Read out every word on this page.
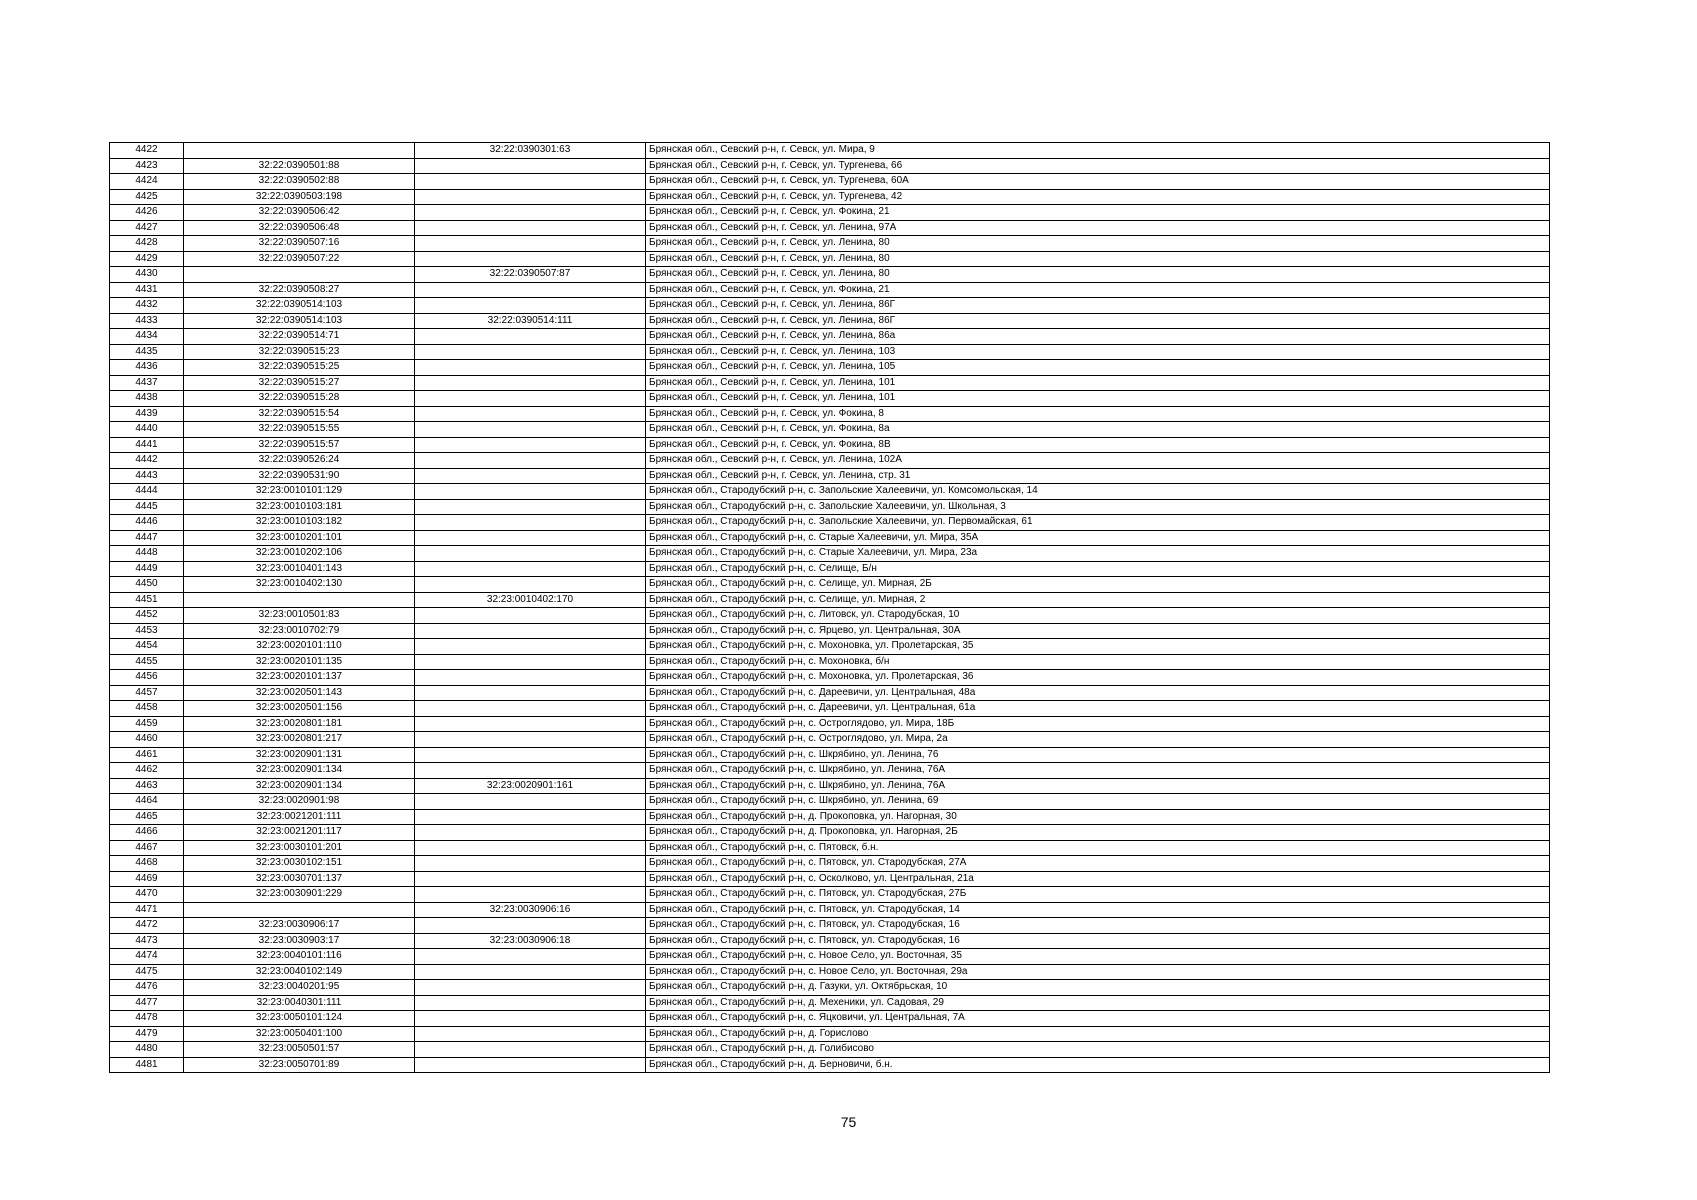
4422		32:22:0390301:63	Брянская обл., Севский р-н, г. Севск, ул. Мира, 9
4423	32:22:0390501:88		Брянская обл., Севский р-н, г. Севск, ул. Тургенева, 66
4424	32:22:0390502:88		Брянская обл., Севский р-н, г. Севск, ул. Тургенева, 60А
4425	32:22:0390503:198		Брянская обл., Севский р-н, г. Севск, ул. Тургенева, 42
4426	32:22:0390506:42		Брянская обл., Севский р-н, г. Севск, ул. Фокина, 21
4427	32:22:0390506:48		Брянская обл., Севский р-н, г. Севск, ул. Ленина, 97А
4428	32:22:0390507:16		Брянская обл., Севский р-н, г. Севск, ул. Ленина, 80
4429	32:22:0390507:22		Брянская обл., Севский р-н, г. Севск, ул. Ленина, 80
4430		32:22:0390507:87	Брянская обл., Севский р-н, г. Севск, ул. Ленина, 80
4431	32:22:0390508:27		Брянская обл., Севский р-н, г. Севск, ул. Фокина, 21
4432	32:22:0390514:103		Брянская обл., Севский р-н, г. Севск, ул. Ленина, 86Г
4433	32:22:0390514:103	32:22:0390514:111	Брянская обл., Севский р-н, г. Севск, ул. Ленина, 86Г
4434	32:22:0390514:71		Брянская обл., Севский р-н, г. Севск, ул. Ленина, 86а
4435	32:22:0390515:23		Брянская обл., Севский р-н, г. Севск, ул. Ленина, 103
4436	32:22:0390515:25		Брянская обл., Севский р-н, г. Севск, ул. Ленина, 105
4437	32:22:0390515:27		Брянская обл., Севский р-н, г. Севск, ул. Ленина, 101
4438	32:22:0390515:28		Брянская обл., Севский р-н, г. Севск, ул. Ленина, 101
4439	32:22:0390515:54		Брянская обл., Севский р-н, г. Севск, ул. Фокина, 8
4440	32:22:0390515:55		Брянская обл., Севский р-н, г. Севск, ул. Фокина, 8а
4441	32:22:0390515:57		Брянская обл., Севский р-н, г. Севск, ул. Фокина, 8В
4442	32:22:0390526:24		Брянская обл., Севский р-н, г. Севск, ул. Ленина, 102А
4443	32:22:0390531:90		Брянская обл., Севский р-н, г. Севск, ул. Ленина, стр. 31
4444	32:23:0010101:129		Брянская обл., Стародубский р-н, с. Запольские Халеевичи, ул. Комсомольская, 14
4445	32:23:0010103:181		Брянская обл., Стародубский р-н, с. Запольские Халеевичи, ул. Школьная, 3
4446	32:23:0010103:182		Брянская обл., Стародубский р-н, с. Запольские Халеевичи, ул. Первомайская, 61
4447	32:23:0010201:101		Брянская обл., Стародубский р-н, с. Старые Халеевичи, ул. Мира, 35А
4448	32:23:0010202:106		Брянская обл., Стародубский р-н, с. Старые Халеевичи, ул. Мира, 23а
4449	32:23:0010401:143		Брянская обл., Стародубский р-н, с. Селище, Б/н
4450	32:23:0010402:130		Брянская обл., Стародубский р-н, с. Селище, ул. Мирная, 2Б
4451		32:23:0010402:170	Брянская обл., Стародубский р-н, с. Селище, ул. Мирная, 2
4452	32:23:0010501:83		Брянская обл., Стародубский р-н, с. Литовск, ул. Стародубская, 10
4453	32:23:0010702:79		Брянская обл., Стародубский р-н, с. Ярцево, ул. Центральная, 30А
4454	32:23:0020101:110		Брянская обл., Стародубский р-н, с. Мохоновка, ул. Пролетарская, 35
4455	32:23:0020101:135		Брянская обл., Стародубский р-н, с. Мохоновка, б/н
4456	32:23:0020101:137		Брянская обл., Стародубский р-н, с. Мохоновка, ул. Пролетарская, 36
4457	32:23:0020501:143		Брянская обл., Стародубский р-н, с. Дареевичи, ул. Центральная, 48а
4458	32:23:0020501:156		Брянская обл., Стародубский р-н, с. Дареевичи, ул. Центральная, 61а
4459	32:23:0020801:181		Брянская обл., Стародубский р-н, с. Остроглядово, ул. Мира, 18Б
4460	32:23:0020801:217		Брянская обл., Стародубский р-н, с. Остроглядово, ул. Мира, 2а
4461	32:23:0020901:131		Брянская обл., Стародубский р-н, с. Шкрябино, ул. Ленина, 76
4462	32:23:0020901:134		Брянская обл., Стародубский р-н, с. Шкрябино, ул. Ленина, 76А
4463	32:23:0020901:134	32:23:0020901:161	Брянская обл., Стародубский р-н, с. Шкрябино, ул. Ленина, 76А
4464	32:23:0020901:98		Брянская обл., Стародубский р-н, с. Шкрябино, ул. Ленина, 69
4465	32:23:0021201:111		Брянская обл., Стародубский р-н, д. Прокоповка, ул. Нагорная, 30
4466	32:23:0021201:117		Брянская обл., Стародубский р-н, д. Прокоповка, ул. Нагорная, 2Б
4467	32:23:0030101:201		Брянская обл., Стародубский р-н, с. Пятовск, б.н.
4468	32:23:0030102:151		Брянская обл., Стародубский р-н, с. Пятовск, ул. Стародубская, 27А
4469	32:23:0030701:137		Брянская обл., Стародубский р-н, с. Осколково, ул. Центральная, 21а
4470	32:23:0030901:229		Брянская обл., Стародубский р-н, с. Пятовск, ул. Стародубская, 27Б
4471		32:23:0030906:16	Брянская обл., Стародубский р-н, с. Пятовск, ул. Стародубская, 14
4472	32:23:0030906:17		Брянская обл., Стародубский р-н, с. Пятовск, ул. Стародубская, 16
4473	32:23:0030903:17	32:23:0030906:18	Брянская обл., Стародубский р-н, с. Пятовск, ул. Стародубская, 16
4474	32:23:0040101:116		Брянская обл., Стародубский р-н, с. Новое Село, ул. Восточная, 35
4475	32:23:0040102:149		Брянская обл., Стародубский р-н, с. Новое Село, ул. Восточная, 29а
4476	32:23:0040201:95		Брянская обл., Стародубский р-н, д. Газуки, ул. Октябрьская, 10
4477	32:23:0040301:111		Брянская обл., Стародубский р-н, д. Мехеники, ул. Садовая, 29
4478	32:23:0050101:124		Брянская обл., Стародубский р-н, с. Яцковичи, ул. Центральная, 7А
4479	32:23:0050401:100		Брянская обл., Стародубский р-н, д. Горислово
4480	32:23:0050501:57		Брянская обл., Стародубский р-н, д. Голибисово
4481	32:23:0050701:89		Брянская обл., Стародубский р-н, д. Берновичи, б.н.
75
